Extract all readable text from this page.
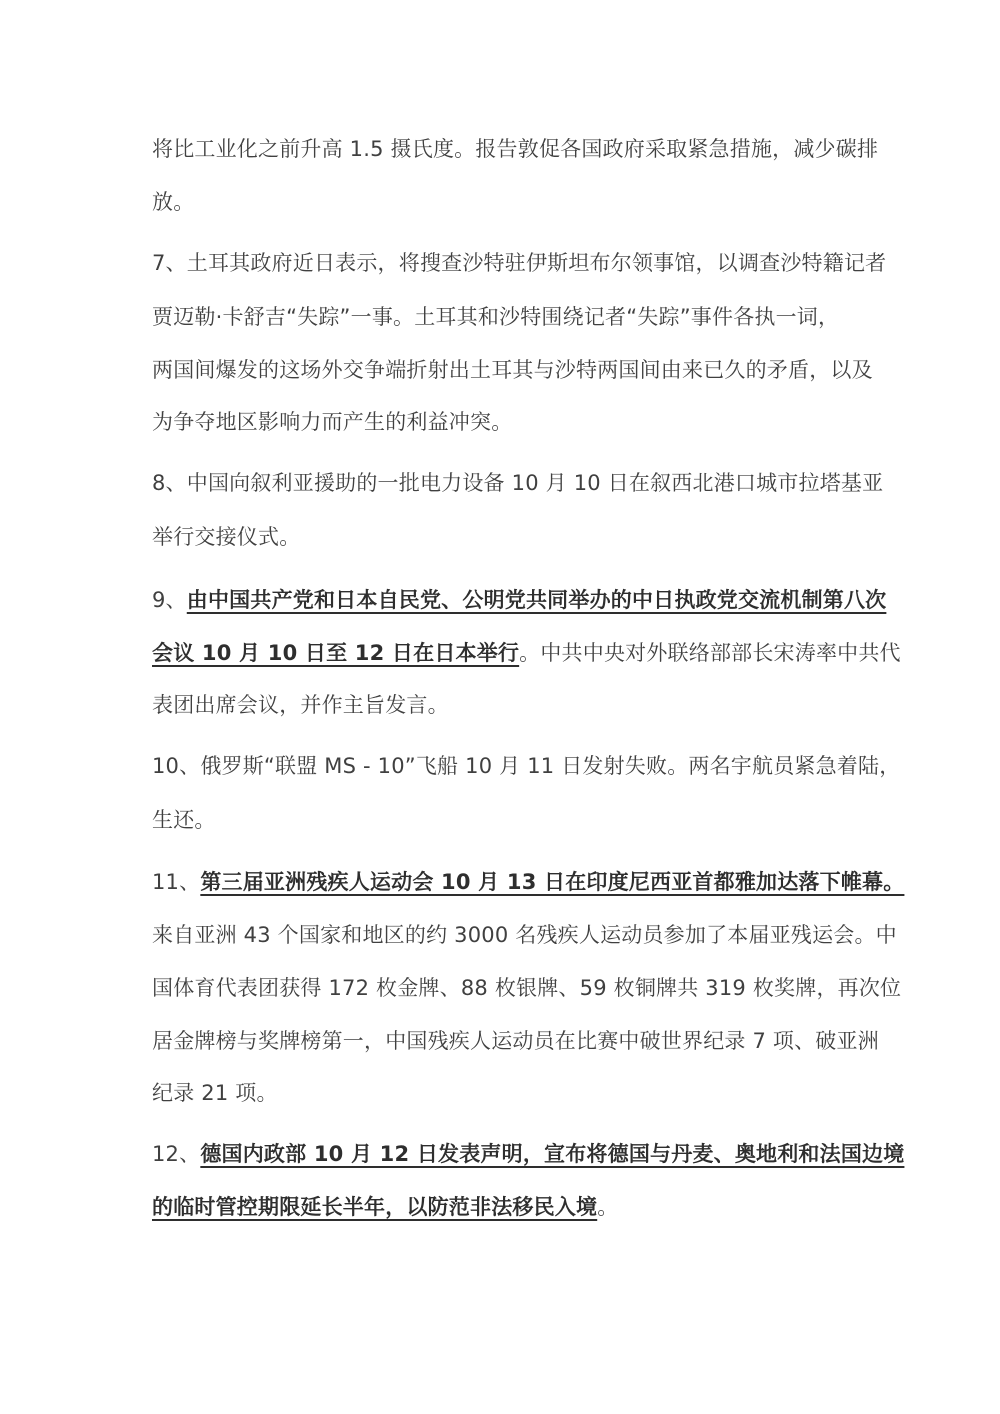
将比工业化之前升高 1.5 摄氏度。报告敦促各国政府采取紧急措施，减少碳排
放。
7、土耳其政府近日表示，将搜查沙特驻伊斯坦布尔领事馆，以调查沙特籍记者
贾迈勒·卡舒吉“失踪”一事。土耳其和沙特围绕记者“失踪”事件各执一词，
两国间爆发的这场外交争端折射出土耳其与沙特两国间由来已久的矛盾，以及
为争夺地区影响力而产生的利益冲突。
8、中国向叙利亚援助的一批电力设备 10 月 10 日在叙西北港口城市拉塔基亚
举行交接仪式。
9、由中国共产党和日本自民党、公明党共同举办的中日执政党交流机制第八次
会议 10 月 10 日至 12 日在日本举行。中共中央对外联络部部长宋涛率中共代
表团出席会议，并作主旨发言。
10、俄罗斯“联盟 MS - 10”飞船 10 月 11 日发射失败。两名宇航员紧急着陆，
生还。
11、第三届亚洲残疾人运动会 10 月 13 日在印度尼西亚首都雅加达落下帷幕。
来自亚洲 43 个国家和地区的约 3000 名残疾人运动员参加了本届亚残运会。中
国体育代表团获得 172 枚金牌、88 枚银牌、59 枚铜牌共 319 枚奖牌，再次位
居金牌榜与奖牌榜第一，中国残疾人运动员在比赛中破世界纪录 7 项、破亚洲
纪录 21 项。
12、德国内政部 10 月 12 日发表声明，宣布将德国与丹麦、奥地利和法国边境
的临时管控期限延长半年，以防范非法移民入境。
